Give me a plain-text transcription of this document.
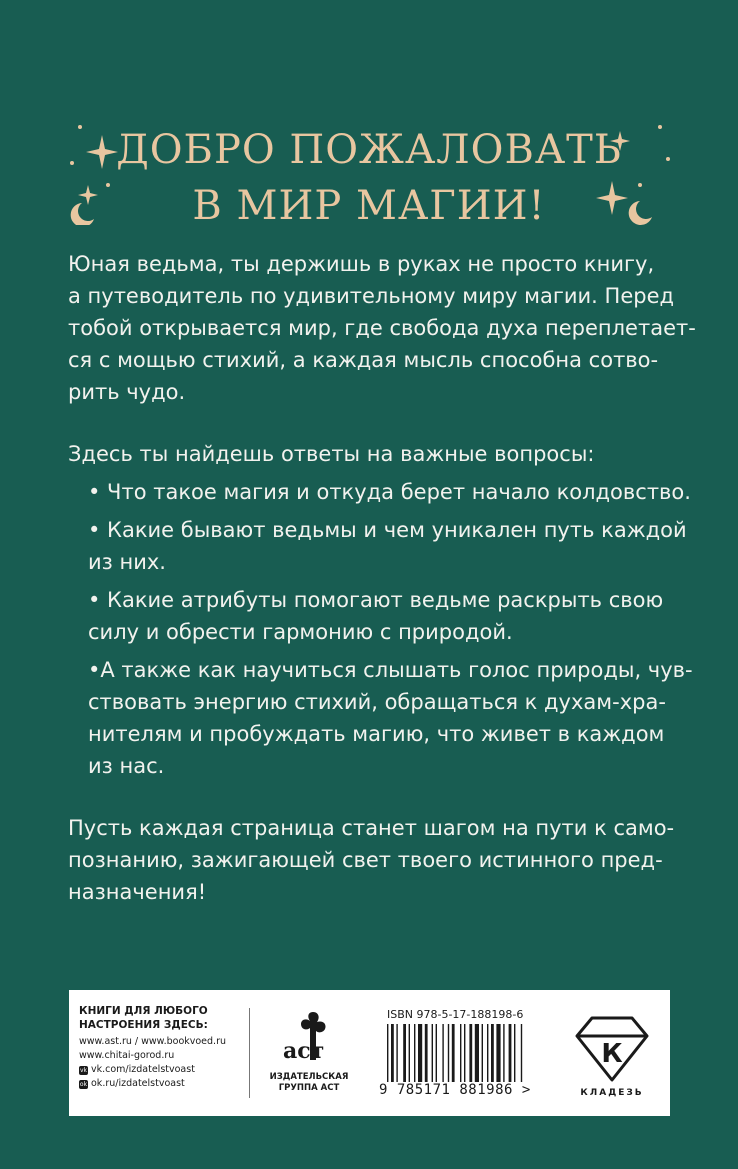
ДОБРО ПОЖАЛОВАТЬ
В МИР МАГИИ!
Юная ведьма, ты держишь в руках не просто книгу,
а путеводитель по удивительному миру магии. Перед
тобой открывается мир, где свобода духа переплетает-
ся с мощью стихий, а каждая мысль способна сотво-
рить чудо.
Здесь ты найдешь ответы на важные вопросы:
• Что такое магия и откуда берет начало колдовство.
• Какие бывают ведьмы и чем уникален путь каждой
из них.
• Какие атрибуты помогают ведьме раскрыть свою
силу и обрести гармонию с природой.
•А также как научиться слышать голос природы, чув-
ствовать энергию стихий, обращаться к духам-хра-
нителям и пробуждать магию, что живет в каждом
из нас.
Пусть каждая страница станет шагом на пути к само-
познанию, зажигающей свет твоего истинного пред-
назначения!
КНИГИ ДЛЯ ЛЮБОГО
НАСТРОЕНИЯ ЗДЕСЬ:
www.ast.ru / www.bookvoed.ru
www.chitai-gorod.ru
vk vk.com/izdatelstvoast
ok ok.ru/izdatelstvoast
аст
ИЗДАТЕЛЬСКАЯ
ГРУППА АСТ
ISBN 978-5-17-188198-6
9 785171 881986 >
К
КЛАДЕЗЬ
